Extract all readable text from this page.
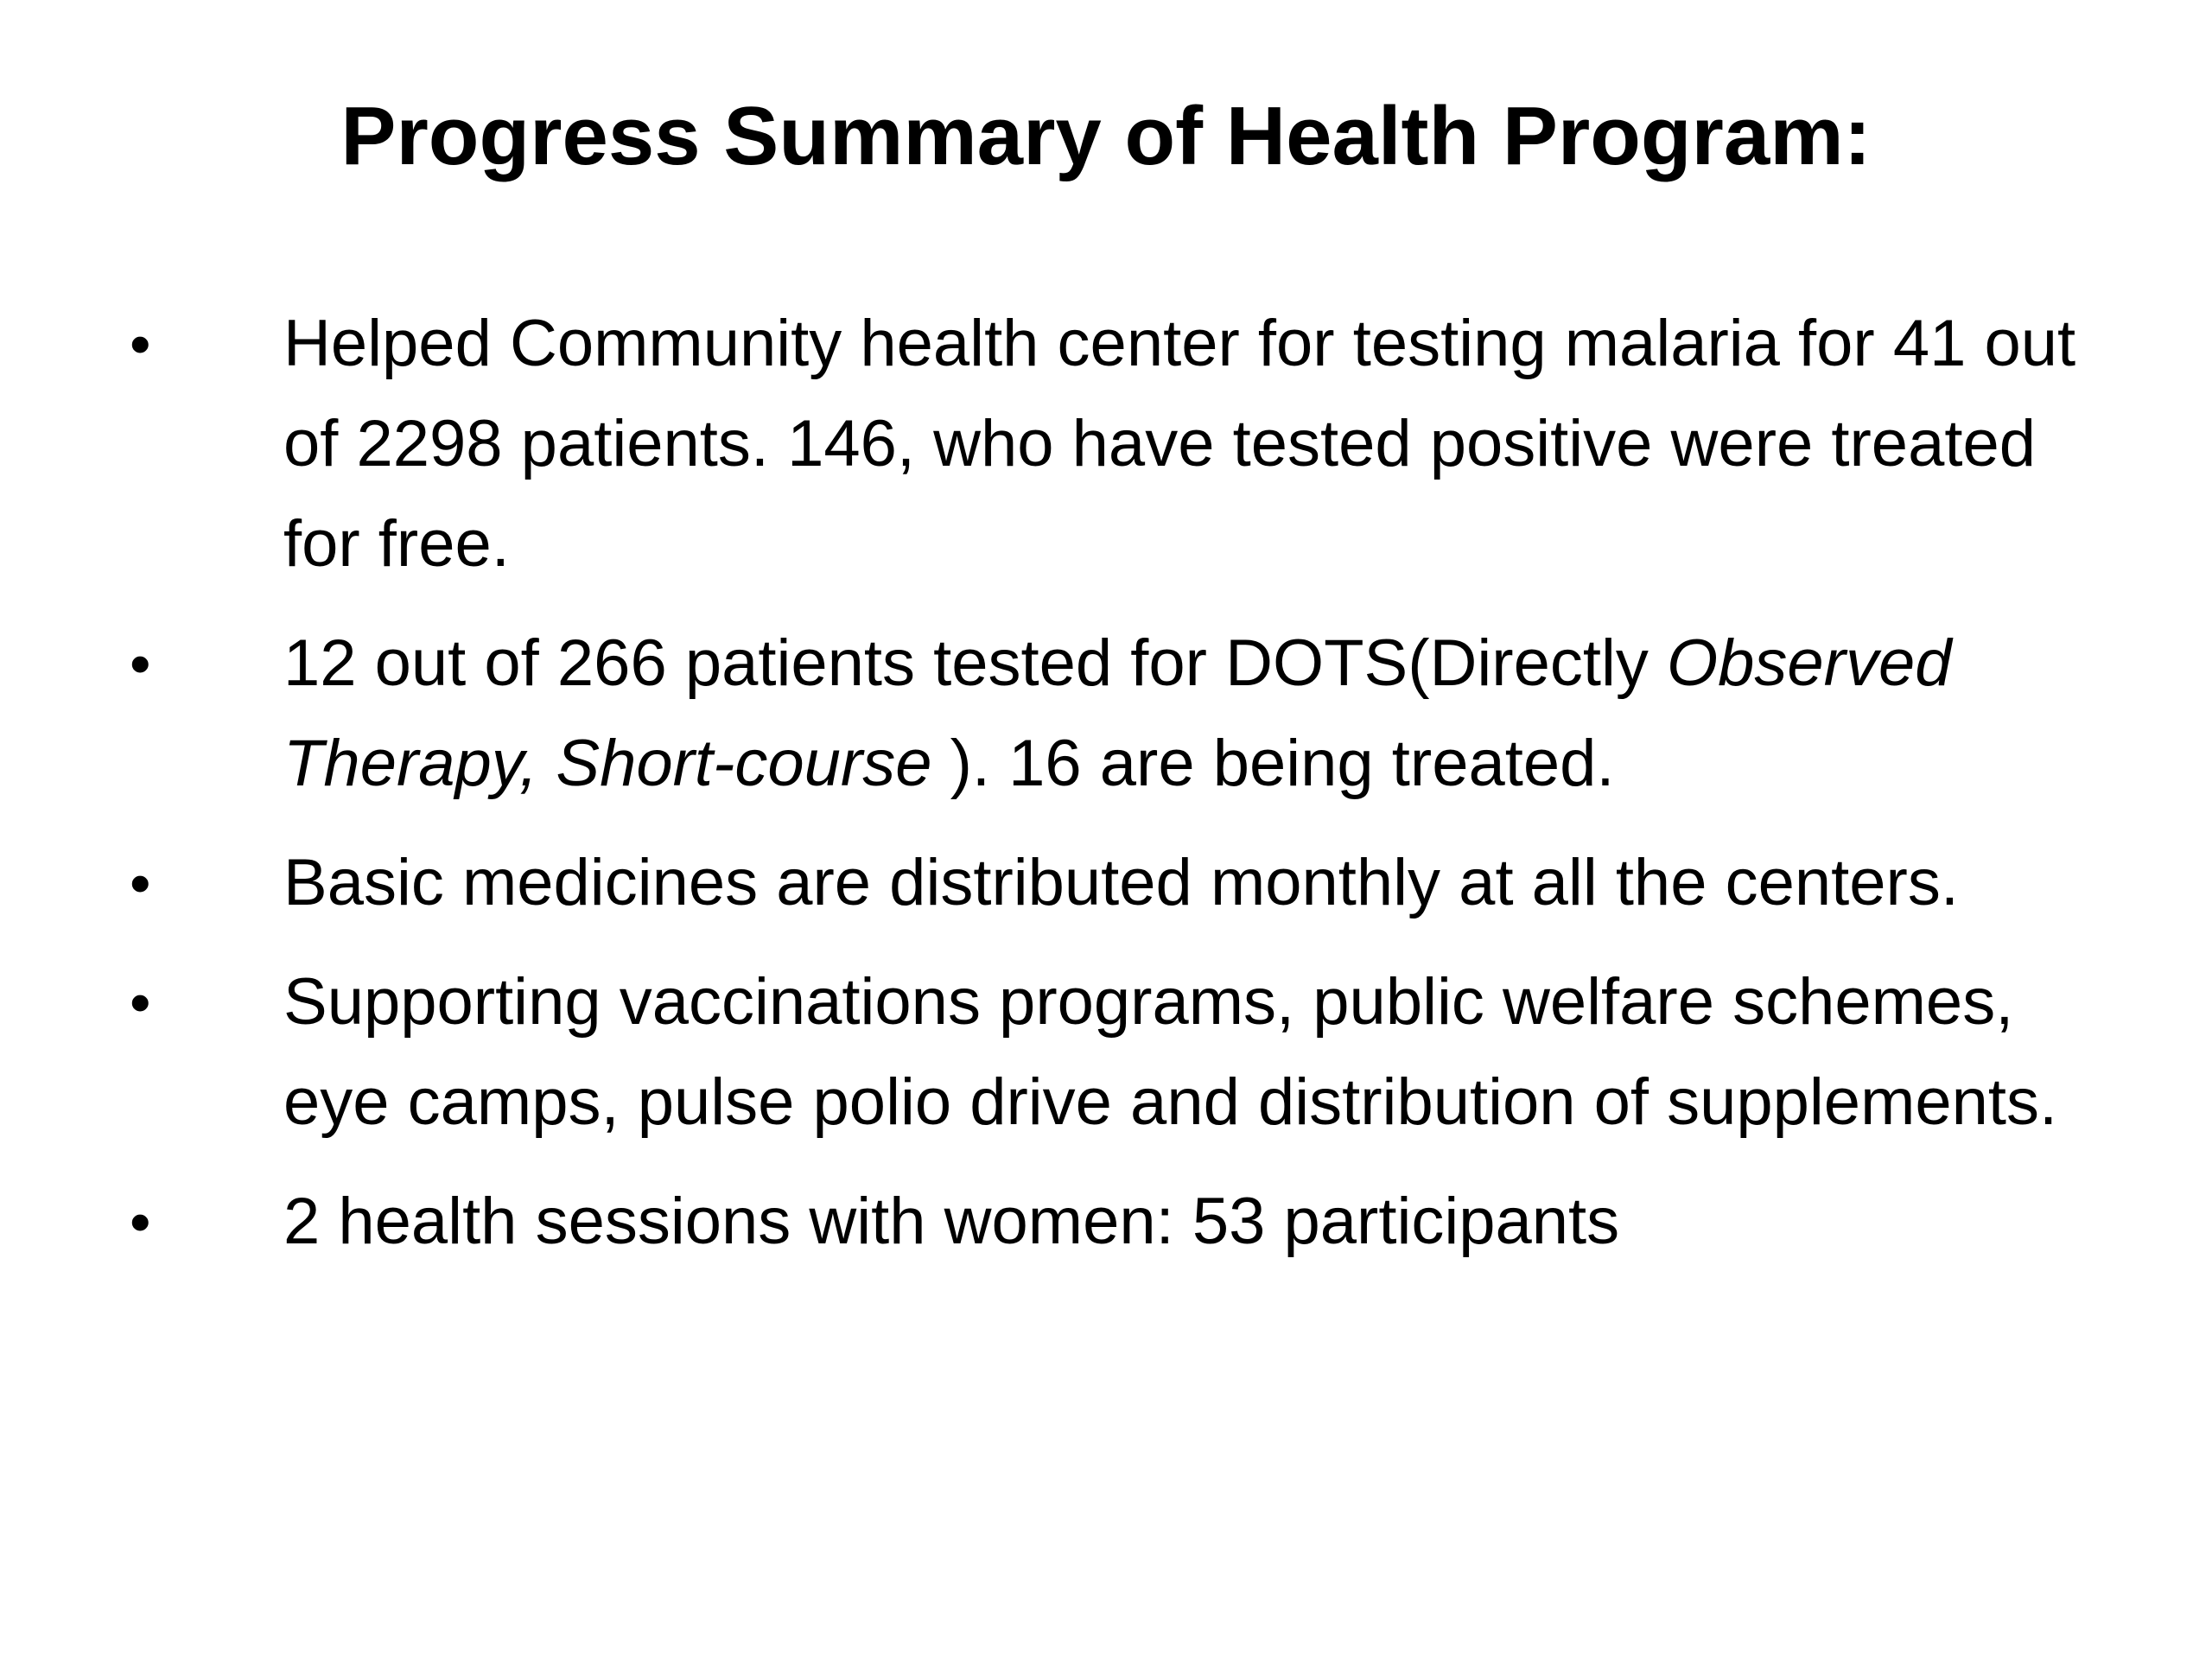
Progress Summary of Health Program:
• Helped Community health center for testing malaria for 41 out of 2298 patients. 146, who have tested positive were treated for free.
• 12 out of 266 patients tested for DOTS(Directly Observed Therapy, Short-course ). 16 are being treated.
• Basic medicines are distributed monthly at all the centers.
• Supporting vaccinations programs, public welfare schemes, eye camps, pulse polio drive and distribution of supplements.
• 2 health sessions with women: 53 participants
